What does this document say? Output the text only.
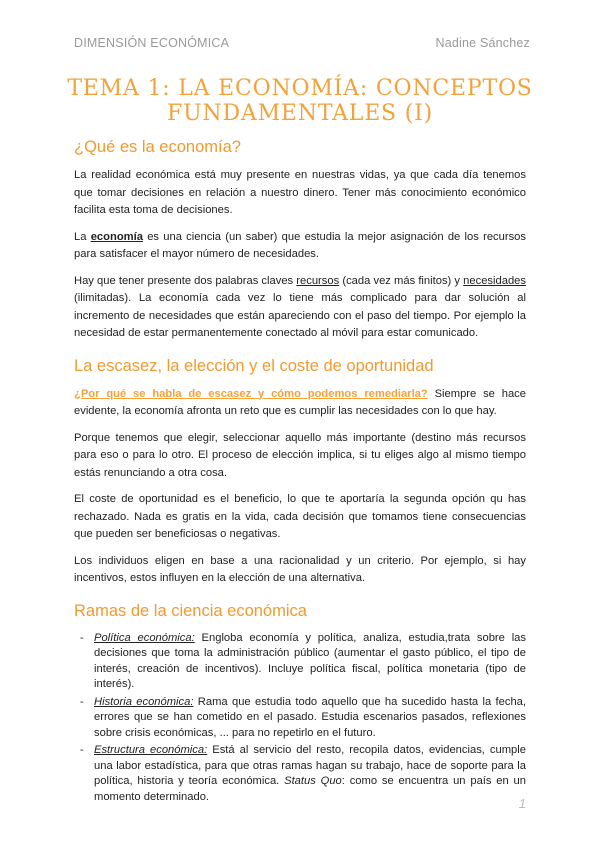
DIMENSIÓN ECONÓMICA	Nadine Sánchez
TEMA 1: LA ECONOMÍA: CONCEPTOS FUNDAMENTALES (I)
¿Qué es la economía?

La realidad económica está muy presente en nuestras vidas, ya que cada día tenemos que tomar decisiones en relación a nuestro dinero. Tener más conocimiento económico facilita esta toma de decisiones.

La economía es una ciencia (un saber) que estudia la mejor asignación de los recursos para satisfacer el mayor número de necesidades.

Hay que tener presente dos palabras claves recursos (cada vez más finitos) y necesidades (ilimitadas). La economía cada vez lo tiene más complicado para dar solución al incremento de necesidades que están apareciendo con el paso del tiempo. Por ejemplo la necesidad de estar permanentemente conectado al móvil para estar comunicado.

La escasez, la elección y el coste de oportunidad

¿Por qué se habla de escasez y cómo podemos remediarla? Siempre se hace evidente, la economía afronta un reto que es cumplir las necesidades con lo que hay.

Porque tenemos que elegir, seleccionar aquello más importante (destino más recursos para eso o para lo otro. El proceso de elección implica, si tu eliges algo al mismo tiempo estás renunciando a otra cosa.

El coste de oportunidad es el beneficio, lo que te aportaría la segunda opción qu has rechazado. Nada es gratis en la vida, cada decisión que tomamos tiene consecuencias que pueden ser beneficiosas o negativas.

Los individuos eligen en base a una racionalidad y un criterio. Por ejemplo, si hay incentivos, estos influyen en la elección de una alternativa.

Ramas de la ciencia económica
- Política económica: Engloba economía y política, analiza, estudia,trata sobre las decisiones que toma la administración público (aumentar el gasto público, el tipo de interés, creación de incentivos). Incluye política fiscal, política monetaria (tipo de interés).
- Historia económica: Rama que estudia todo aquello que ha sucedido hasta la fecha, errores que se han cometido en el pasado. Estudia escenarios pasados, reflexiones sobre crisis económicas, ... para no repetirlo en el futuro.
- Estructura económica: Está al servicio del resto, recopila datos, evidencias, cumple una labor estadística, para que otras ramas hagan su trabajo, hace de soporte para la política, historia y teoría económica. Status Quo: como se encuentra un país en un momento determinado.	1
